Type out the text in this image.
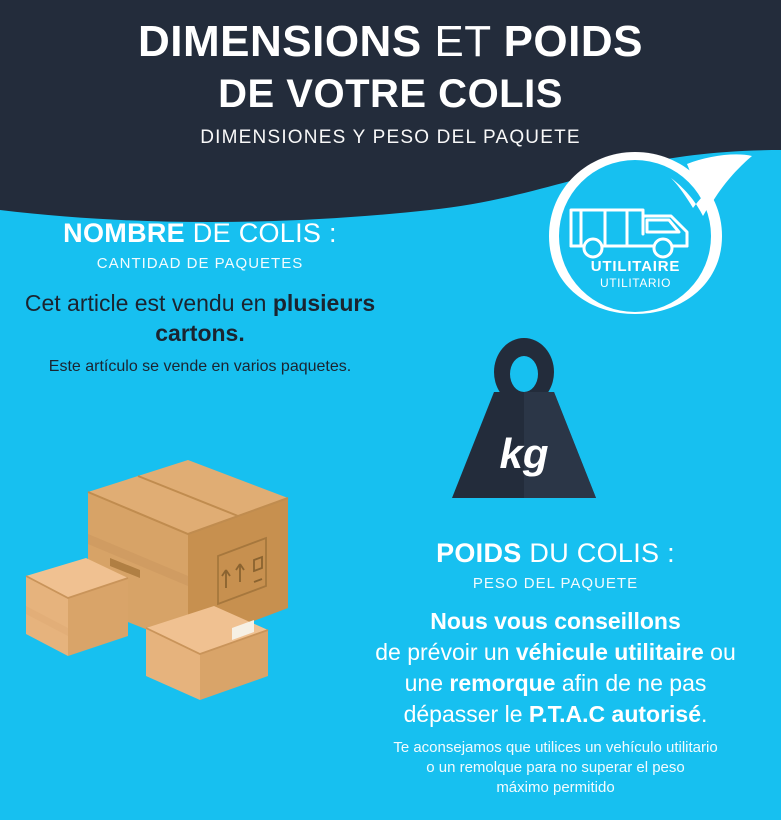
DIMENSIONS ET POIDS
DE VOTRE COLIS
DIMENSIONES Y PESO DEL PAQUETE
UTILITAIRE
UTILITARIO
NOMBRE DE COLIS :
CANTIDAD DE PAQUETES
Cet article est vendu en plusieurs cartons.
Este artículo se vende en varios paquetes.
kg
POIDS DU COLIS :
PESO DEL PAQUETE
Nous vous conseillons
de prévoir un véhicule utilitaire ou
une remorque afin de ne pas
dépasser le P.T.A.C autorisé.
Te aconsejamos que utilices un vehículo utilitario
o un remolque para no superar el peso
máximo permitido
